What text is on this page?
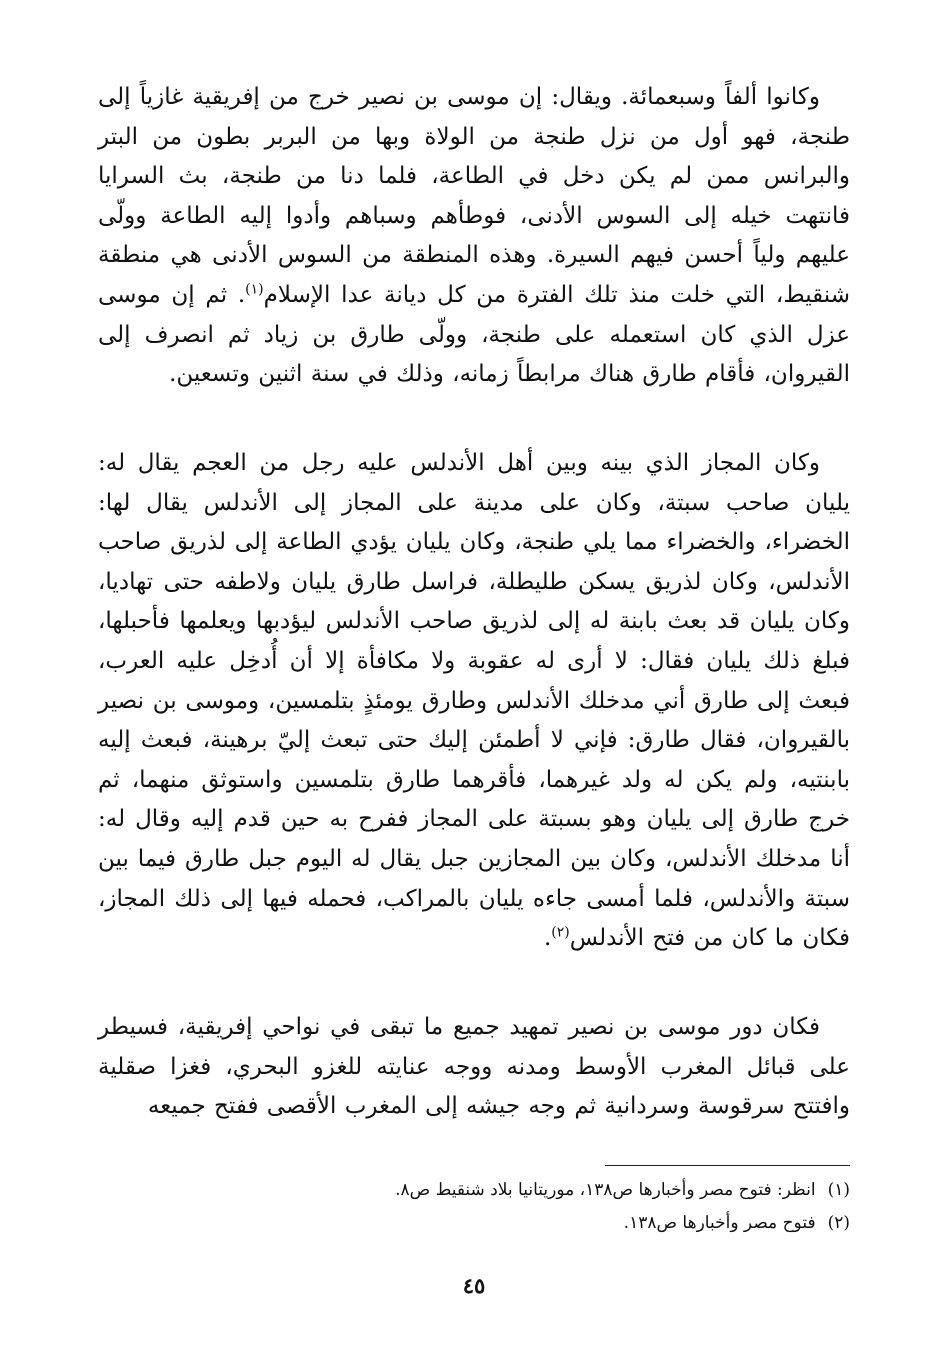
وكانوا ألفاً وسبعمائة. ويقال: إن موسى بن نصير خرج من إفريقية غازياً إلى طنجة، فهو أول من نزل طنجة من الولاة وبها من البربر بطون من البتر والبرانس ممن لم يكن دخل في الطاعة، فلما دنا من طنجة، بث السرايا فانتهت خيله إلى السوس الأدنى، فوطأهم وسباهم وأدوا إليه الطاعة وولّى عليهم ولياً أحسن فيهم السيرة. وهذه المنطقة من السوس الأدنى هي منطقة شنقيط، التي خلت منذ تلك الفترة من كل ديانة عدا الإسلام$^{(١)}$. ثم إن موسى عزل الذي كان استعمله على طنجة، وولّى طارق بن زياد ثم انصرف إلى القيروان، فأقام طارق هناك مرابطاً زمانه، وذلك في سنة اثنين وتسعين.

وكان المجاز الذي بينه وبين أهل الأندلس عليه رجل من العجم يقال له: يليان صاحب سبتة، وكان على مدينة على المجاز إلى الأندلس يقال لها: الخضراء، والخضراء مما يلي طنجة، وكان يليان يؤدي الطاعة إلى لذريق صاحب الأندلس، وكان لذريق يسكن طليطلة، فراسل طارق يليان ولاطفه حتى تهاديا، وكان يليان قد بعث بابنة له إلى لذريق صاحب الأندلس ليؤدبها ويعلمها فأحبلها، فبلغ ذلك يليان فقال: لا أرى له عقوبة ولا مكافأة إلا أن أُدخِل عليه العرب، فبعث إلى طارق أني مدخلك الأندلس وطارق يومئذٍ بتلمسين، وموسى بن نصير بالقيروان، فقال طارق: فإني لا أطمئن إليك حتى تبعث إليّ برهينة، فبعث إليه بابنتيه، ولم يكن له ولد غيرهما، فأقرهما طارق بتلمسين واستوثق منهما، ثم خرج طارق إلى يليان وهو بسبتة على المجاز ففرح به حين قدم إليه وقال له: أنا مدخلك الأندلس، وكان بين المجازين جبل يقال له اليوم جبل طارق فيما بين سبتة والأندلس، فلما أمسى جاءه يليان بالمراكب، فحمله فيها إلى ذلك المجاز، فكان ما كان من فتح الأندلس$^{(٢)}$.

فكان دور موسى بن نصير تمهيد جميع ما تبقى في نواحي إفريقية، فسيطر على قبائل المغرب الأوسط ومدنه ووجه عنايته للغزو البحري، فغزا صقلية وافتتح سرقوسة وسردانية ثم وجه جيشه إلى المغرب الأقصى ففتح جميعه

(١)انظر: فتوح مصر وأخبارها ص١٣٨، موريتانيا بلاد شنقيط ص٨.

(٢)فتوح مصر وأخبارها ص١٣٨.

٤٥
